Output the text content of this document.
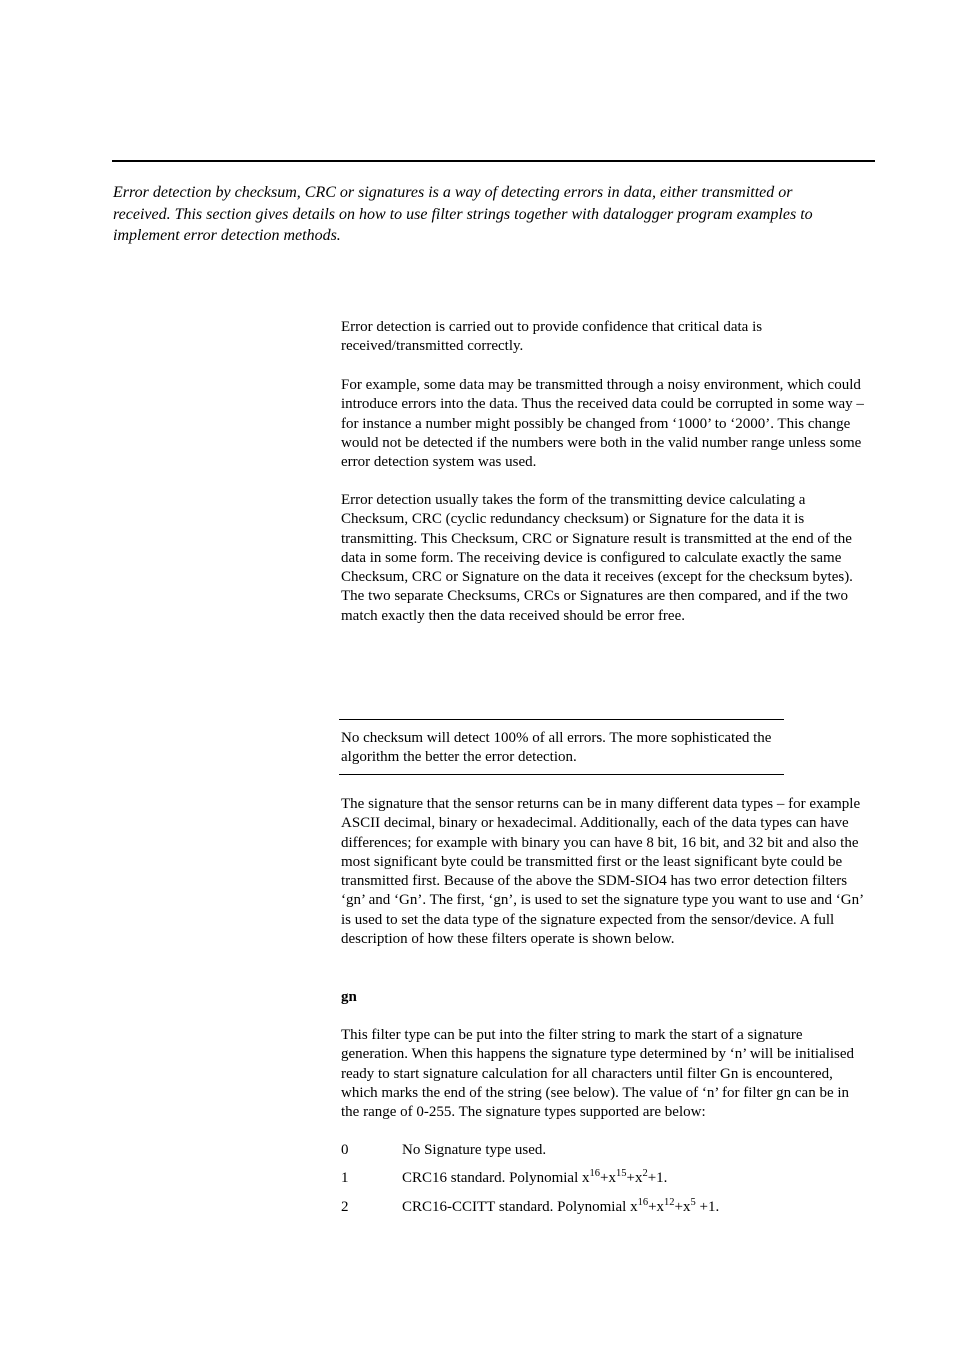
Error detection by checksum, CRC or signatures is a way of detecting errors in data, either transmitted or received. This section gives details on how to use filter strings together with datalogger program examples to implement error detection methods.

Error detection is carried out to provide confidence that critical data is received/transmitted correctly.

For example, some data may be transmitted through a noisy environment, which could introduce errors into the data. Thus the received data could be corrupted in some way – for instance a number might possibly be changed from ‘1000’ to ‘2000’. This change would not be detected if the numbers were both in the valid number range unless some error detection system was used.

Error detection usually takes the form of the transmitting device calculating a Checksum, CRC (cyclic redundancy checksum) or Signature for the data it is transmitting. This Checksum, CRC or Signature result is transmitted at the end of the data in some form. The receiving device is configured to calculate exactly the same Checksum, CRC or Signature on the data it receives (except for the checksum bytes). The two separate Checksums, CRCs or Signatures are then compared, and if the two match exactly then the data received should be error free.

No checksum will detect 100% of all errors. The more sophisticated the algorithm the better the error detection.

The signature that the sensor returns can be in many different data types – for example ASCII decimal, binary or hexadecimal. Additionally, each of the data types can have differences; for example with binary you can have 8 bit, 16 bit, and 32 bit and also the most significant byte could be transmitted first or the least significant byte could be transmitted first. Because of the above the SDM-SIO4 has two error detection filters ‘gn’ and ‘Gn’. The first, ‘gn’, is used to set the signature type you want to use and ‘Gn’ is used to set the data type of the signature expected from the sensor/device. A full description of how these filters operate is shown below.

gn

This filter type can be put into the filter string to mark the start of a signature generation. When this happens the signature type determined by ‘n’ will be initialised ready to start signature calculation for all characters until filter Gn is encountered, which marks the end of the string (see below). The value of ‘n’ for filter gn can be in the range of 0-255. The signature types supported are below:

0	No Signature type used.
1	CRC16 standard. Polynomial $x^{16}+x^{15}+x^2+1$.
2	CRC16-CCITT standard. Polynomial $x^{16}+x^{12}+x^5 +1$.
